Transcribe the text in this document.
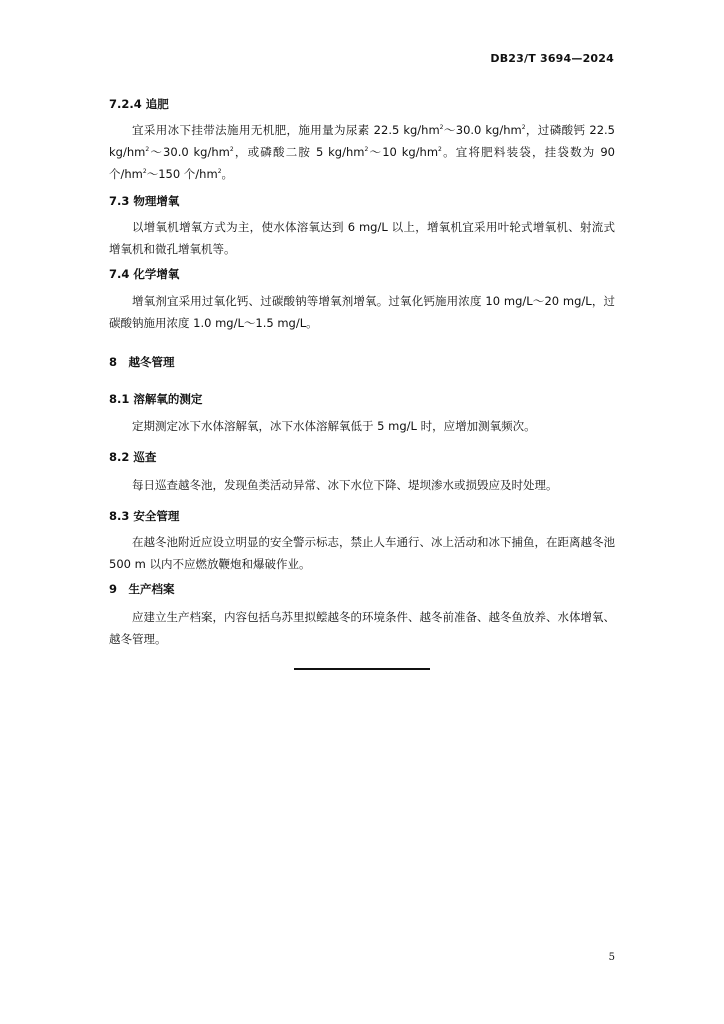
DB23/T 3694—2024
7.2.4 追肥

宜采用冰下挂带法施用无机肥，施用量为尿素 22.5 $kg/hm^2\sim 30.0$ $kg/hm^2$，过磷酸钙 22.5 $kg/hm^2\sim 30.0$ $kg/hm^2$，或磷酸二胺 5 $kg/hm^2\sim 10$ $kg/hm^2$。宜将肥料装袋，挂袋数为 90 个$/hm^2\sim 150$ 个$/hm^2$。

7.3 物理增氧

以增氧机增氧方式为主，使水体溶氧达到 6 mg/L 以上，增氧机宜采用叶轮式增氧机、射流式增氧机和微孔增氧机等。

7.4 化学增氧

增氧剂宜采用过氧化钙、过碳酸钠等增氧剂增氧。过氧化钙施用浓度 10 mg/L～20 mg/L，过碳酸钠施用浓度 1.0 mg/L～1.5 mg/L。

8　越冬管理
8.1 溶解氧的测定

定期测定冰下水体溶解氧，冰下水体溶解氧低于 5 mg/L 时，应增加测氧频次。

8.2 巡查

每日巡查越冬池，发现鱼类活动异常、冰下水位下降、堤坝渗水或损毁应及时处理。

8.3 安全管理

在越冬池附近应设立明显的安全警示标志，禁止人车通行、冰上活动和冰下捕鱼，在距离越冬池 500 m 以内不应燃放鞭炮和爆破作业。

9　生产档案

应建立生产档案，内容包括乌苏里拟鲿越冬的环境条件、越冬前准备、越冬鱼放养、水体增氧、越冬管理。

5
